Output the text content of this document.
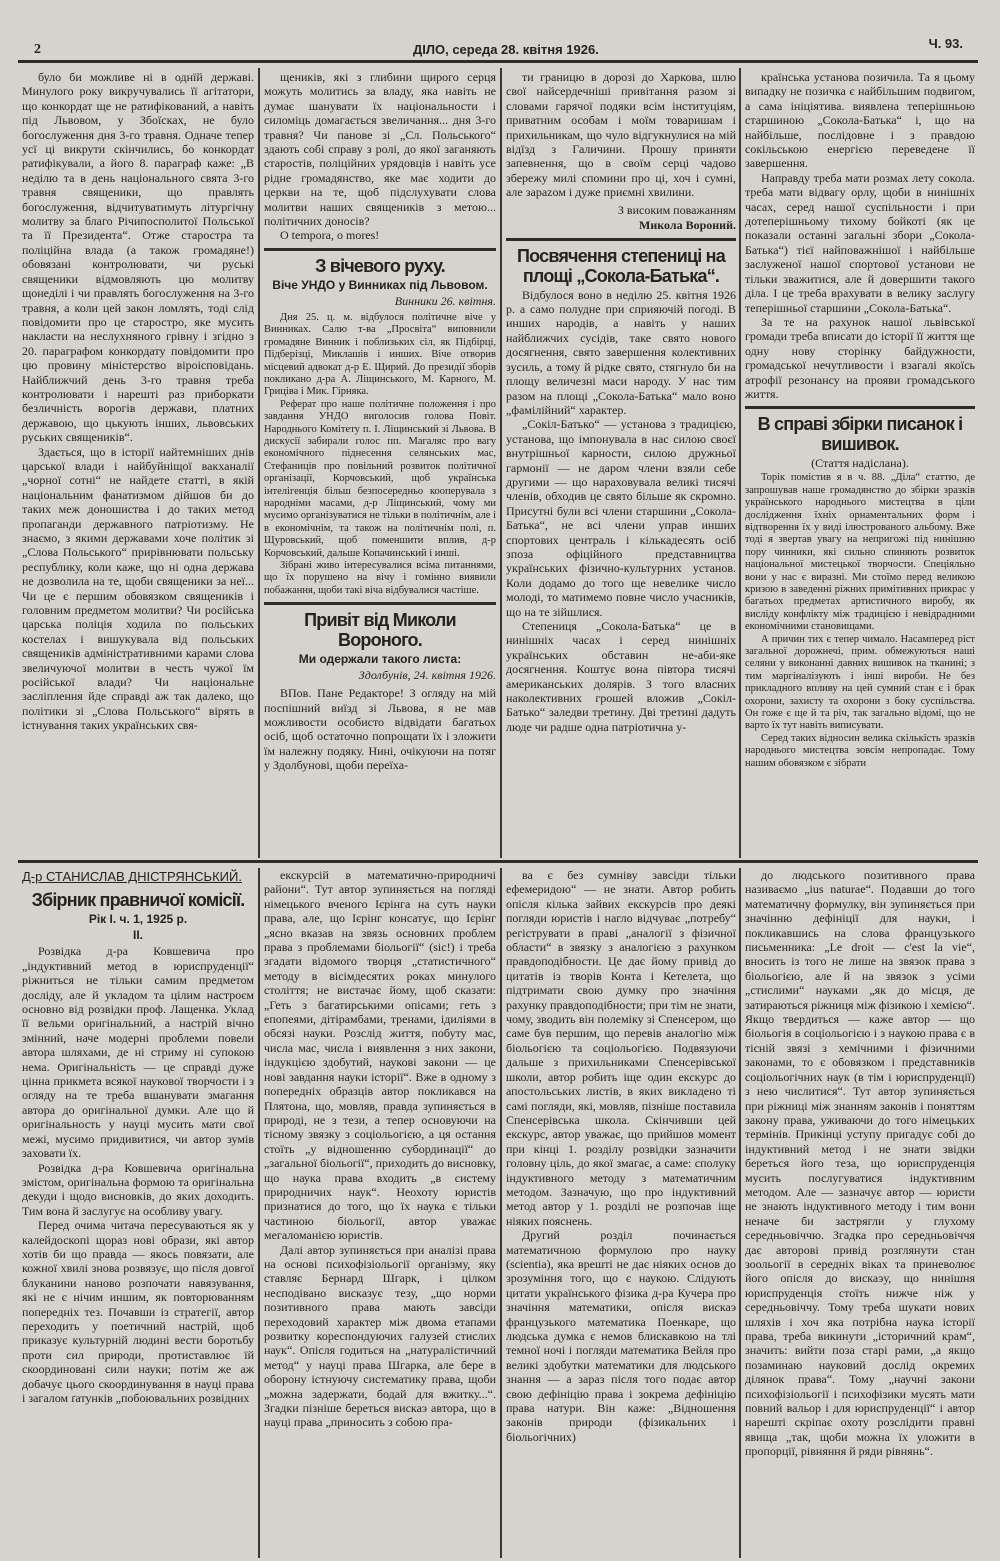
2	ДІЛО, середа 28. квітня 1926.	Ч. 93.

було би можливе ні в однїй державі. Минулого року викручувались її агітатори, що конкордат ще не ратифікований, а навіть під Львовом, у Збоїсках, не було богослуження дня 3-го травня. Одначе тепер усї ці викрути скінчились, бо конкордат ратифікували, а його 8. параграф каже: „В неділю та в день національного свята 3-го травня священики, що правлять богослуження, відчитуватимуть літургічну молитву за благо Річипосполитої Польської та її Президента“. Отже старостра та поліційна влада (а також громадяне!) обовязані контролювати, чи руські священики відмовляють цю молитву щонеділі і чи правлять богослуження на 3-го травня, а коли цей закон ломлять, тоді слід повідомити про це старостро, яке мусить накласти на неслухняного грівну і згідно з 20. параграфом конкордату повідомити про цю провину міністерство віроісповідань. Найближчий день 3-го травня треба контролювати і нарешті раз приборкати безличність ворогів держави, платних державою, що цькують інших, львовських руських священиків“.

Здається, що в історії найтемніших днів царської влади і найбуйніщої вакханалії „чорної сотні“ не найдете статті, в якій національним фанатизмом дійшов би до таких меж доношиства і до таких метод пропаганди державного патріотизму. Не знаємо, з якими державами хоче політик зі „Слова Польського“ прирівнювати польську республику, коли каже, що ні одна держава не дозволила на те, щоби священики за неї... Чи це є першим обовязком священиків і головним предметом молитви? Чи російська царська поліція ходила по польських костелах і вишукувала від польських священиків адміністративними карами слова звеличуючої молитви в честь чужої їм російської влади? Чи національне засліплення йде справді аж так далеко, що політики зі „Слова Польського“ вірять в істнування таких українських свя-

щеників, які з глибини щирого серця можуть молитись за владу, яка навіть не думає шанувати їх національности і силоміць домагається звеличання... дня 3-го травня? Чи панове зі „Сл. Польського“ здають собі справу з ролі, до якої заганяють старостів, поліційних урядовців і навіть усе рідне громадянство, яке має ходити до церкви на те, щоб підслухувати слова молитви наших священиків з метою... політичних доносів?

О tempora, o mores!

З вічевого руху.
Віче УНДО у Винниках під Львовом.
Винники 26. квітня.

Дня 25. ц. м. відбулося політичне віче у Винниках. Салю т-ва „Просвіта“ виповнили громадяне Винник і поблизьких сіл, як Підбірці, Підберізці, Миклашів і инших. Віче отворив місцевий адвокат д-р Е. Щирий. До президії зборів покликано д-ра А. Ліщинського, М. Карного, М. Гриціва і Мик. Гірняка.

Реферат про наше політичне положення і про завдання УНДО виголосив голова Повіт. Народнього Комітету п. І. Ліщинський зі Львова. В дискусії забирали голос пп. Магаляс про вагу економічного піднесення селянських мас, Стефаниців про повільний розвиток політичної організації, Корчовський, щоб українська інтелігенція більш безпосередньо кооперувала з народніми масами, д-р Ліщинський, чому ми мусимо організуватися не тільки в політичнім, але і в економічнім, та також на політичнім полі, п. Щуровський, щоб поменшити вплив, д-р Корчовський, дальше Копачинський і инші.

Зібрані живо інтересувалися всіма питаннями, що їх порушено на вічу і гомінно виявили побажання, щоби такі віча відбувалися частіше.

Привіт від Миколи Вороного.
Ми одержали такого листа:
Здолбунів, 24. квітня 1926.

ВПов. Пане Редакторе! З огляду на мій поспішний виїзд зі Львова, я не мав можливости особисто відвідати багатьох осіб, щоб остаточно попрощати їх і зложити їм належну подяку. Нині, очікуючи на потяг у Здолбунові, щоби переїха-

ти границю в дорозі до Харкова, шлю свої найсердечніші привітання разом зі словами гарячої подяки всім інституціям, приватним особам і моїм товаришам і прихильникам, що чуло відгукнулися на мій відїзд з Галичини. Прошу приняти запевнення, що в своїм серці чадово збережу милі спомини про ці, хоч і сумні, але зарazом і дуже приємні хвилини.

З високим поважанням
Микола Вороний.
Посвячення степениці на площі „Сокола-Батька“.

Відбулося воно в неділю 25. квітня 1926 р. а само полудне при сприяючій погоді. В инших народів, а навіть у наших найближчих сусідів, таке свято нового досягнення, свято завершення колективних зусиль, а тому й рідке свято, стягнуло би на площу величезні маси народу. У нас тим разом на площі „Сокола-Батька“ мало воно „фамілійний“ характер.

„Сокіл-Батько“ — установа з традицією, установа, що імпонувала в нас силою своєї внутрішньої карности, силою дружньої гармонії — не даром члени взяли себе другими — що нараховувала великі тисячі членів, обходив це свято більше як скромно. Присутні були всі члени старшини „Сокола-Батька“, не всі члени управ инших спортових централь і кількадесять осіб зпоза офіційного представництва українських фізично-культурних установ. Коли додамо до того ще невелике число молоді, то матимемо повне число учасників, що на те зійшлися.

Степениця „Сокола-Батька“ це в нинішніх часах і серед нинішніх українських обставин не-аби-яке досягнення. Коштує вона півтора тисячі американських долярів. З того власних наколективних грошей вложив „Сокіл-Батько“ заледви третину. Дві третині дадуть люде чи радше одна патріотична у-

країнська установа позичила. Та я цьому випадку не позичка є найбільшим подвигом, а сама ініціятива. виявлена теперішньою старшиною „Сокола-Батька“ і, що на найбільше, послідовне і з правдою сокільською енергією переведене її завершення.

Направду треба мати розмах лету сокола. треба мати відвагу орлу, щоби в нинішніх часах, серед нашої суспільности і при дотеперішньому тихому бойкоті (як це показали останні загальні збори „Сокола-Батька“) тієї найповажнішої і найбільше заслуженої нашої спортової установи не тільки зважитися, але й довершити такого діла. І це треба врахувати в велику заслугу теперішньої старшини „Сокола-Батька“.

За те на рахунок нашої львівської громади треба вписати до історії її життя ще одну нову сторінку байдужности, громадської нечутливости і взагалі якоїсь атрофії резонансу на прояви громадського життя.

В справі збірки писанок і вишивок.
(Стаття надіслана).

Торік помістив я в ч. 88. „Діла“ статтю, де запрошував наше громадянство до збірки зразків українського народнього мистецтва в ціли дослідження їхніх орнаментальних форм і відтворення їх у виді ілюстрованого альбому. Вже тоді я звертав увагу на непригожі під нинішню пору чинники, які сильно спиняють розвиток національної мистецької творчости. Спеціяльно вони у нас є виразні. Ми стоїмо перед великою кризою в заведенні ріжних примітивних прикрас у багатьох предметах артистичного виробу, як висліду конфлікту між традицією і невідрадними економічними становищами.

А причин тих є тепер чимало. Насамперед ріст загальної дорожнечі, прим. обмежуються наші селяни у виконанні давних вишивок на тканині; з тим маргіналізують і інші вироби. Не без прикладного впливу на цей сумний стан є і брак охорони, захисту та охорони з боку суспільства. Он гоже є ще й та річ, так загально відомі, що не варто їх тут навіть виписувати.

Серед таких відносин велика скількість зразків народнього мистецтва зовсім непропадає. Тому нашим обовязком є зібрати

Д-р СТАНИСЛАВ ДНІСТРЯНСЬКИЙ.
Збірник правничої комісії.
Рік І. ч. 1, 1925 р.
II.

Розвідка д-ра Ковшевича про „індуктивний метод в юриспруденції“ ріжниться не тільки самим предметом досліду, але й укладом та цілим настроєм основно від розвідки проф. Лащенка. Уклад її вельми оригінальний, а настрій вічно змінний, наче модерні проблеми повели автора шляхами, де ні стриму ні супокою нема. Оригінальність — це справді дуже цінна прикмета всякої наукової творчости і з огляду на те треба вшанувати змагання автора до оригінальної думки. Але що й оригінальность у науці мусить мати свої межі, мусимо придивитися, чи автор зумів заховати їх.

Розвідка д-ра Ковшевича оригінальна змістом, оригінальна формою та оригінальна декуди і щодо висновків, до яких доходить. Тим вона й заслугує на особливу увагу.

Перед очима читача пересуваються як у калейдоскопі щораз нові образи, які автор хотів би що правда — якось повязати, але кожної хвилі знова розвязує, що після довгої блуканини наново розпочати навязування, які не є нічим иншим, як повторюванням попередніх тез. Почавши із стратегії, автор переходить у поетичний настрій, щоб приказує культурній людині вести боротьбу проти сил природи, протиставлює їй скоординовані сили науки; потім же аж добачує цього скоординування в науці права і загалом ґатунків „побоювальних розвідних

екскурсій в математично-природничі райони“. Тут автор зупиняється на погляді німецького вченого Ієрінга на суть науки права, але, що Ієрінг консатує, що Ієрінг „ясно вказав на звязь основних проблем права з проблемами біольогії“ (sic!) і треба згадати відомого творця „статистичного“ методу в вісімдесятих роках минулого століття; не вистачає йому, щоб сказати: „Геть з багатирськими опісами; геть з епопеями, дітірамбами, тренами, ідиліями в обсязі науки. Розслід життя, побуту мас, числа мас, числа і виявлення з них закони, індукцією здобутий, наукові закони — це нові завдання науки історії“. Вже в одному з попередніх образців автор покликався на Плятона, що, мовляв, правда зупиняється в природі, не з тези, а тепер основуючи на тісному звязку з соціольогією, а ця остання стоїть „у відношенню субординації“ до „загальної біольогії“, приходить до висновку, що наука права входить „в систему природничих наук“. Неохоту юристів признатися до того, що їх наука є тільки частиною біольогії, автор уважає мегаломанією юристів.

Далі автор зупиняється при аналізі права на основі психофізіольогії організму, яку ставляє Бернард Шгарк, і цілком несподівано висказує тезу, „що норми позитивного права мають завсіди переходовий характер між двома етапами розвитку кореспондуючих галузей стислих наук“. Опісля годиться на „натуралістичний метод“ у науці права Шгарка, але бере в оборону істнуючу систематику права, щоби „можна задержати, бодай для вжитку...“. Згадки пізніше береться вискаэ автора, що в науці права „приносить з собою пра-

ва є без сумніву завсіди тільки ефемеридою“ — не знати. Автор робить опісля кілька зайвих екскурсів про деякі погляди юристів і нагло відчуває „потребу“ регіструвати в праві „аналогії з фізичної области“ в звязку з аналогією з рахунком правдоподібности. Це дає йому привід до цитатів із творів Конта і Кетелета, що підтримати свою думку про значіння рахунку правдоподібности; при тім не знати, чому, зводить він полеміку зі Спенсером, що саме був першим, що перевів аналогію між біольогією та соціольогією. Подвязуючи дальше з прихильниками Спенсерівської школи, автор робить іще один екскурс до апостольських листів, в яких викладено ті самі погляди, які, мовляв, пізніше поставила Спенсерівська школа. Скінчивши цей екскурс, автор уважає, що прийшов момент при кінці 1. розділу розвідки зазначити головну ціль, до якої змагає, а саме: сполуку індуктивного методу з математичним методом. Зазначую, що про індуктивний метод автор у 1. розділі не розпочав іще ніяких пояснень.

Другий розділ починається математичною формулою про науку (scientia), яка врешті не дає ніяких основ до зрозуміння того, що є наукою. Слідують цитати українського фізика д-ра Кучера про значіння математики, опісля вискаэ французького математика Поенкаре, що людська думка є немов блискавкою на тлі темної ночі і погляди математика Вейля про великі здобутки математики для людського знання — а зараз після того подає автор свою дефініцію права і зокрема дефініцію права натури. Він каже: „Відношення законів природи (фізикальних і біольогічних)

до людського позитивного права називаємо „ius naturae“. Подавши до того математичну формулку, він зупиняється при значінню дефініції для науки, і покликавшись на слова французького письменника: „Le droit — c'est la vie“, вносить із того не лише на звязок права з біольогією, але й на звязок з усіми „стислими“ науками „як до місця, де затираються ріжниця між фізикою і хемією“. Якщо твердиться — каже автор — що біольогія в соціольогією і з наукою права є в тісній звязі з хемічними і фізичними законами, то є обовязком і представників соціольогічних наук (в тім і юриспруденції) з нею числитися“. Тут автор зупиняється при ріжниці між знанням законів і поняттям закону права, уживаючи до того німецьких термінів. Прикінці уступу пригадує собі до індуктивний метод і не знати звідки береться його теза, що юриспруденція мусить послугуватися індуктивним методом. Але — зазначує автор — юристи не знають індуктивного методу і тим вони неначе би застрягли у глухому середньовіччю. Згадка про середньовіччя дає авторові привід розглянути стан зоольогії в середніх віках та приневолює його опісля до вискаэу, що нинішня юриспруденція стоїть нижче ніж у середньовіччу. Тому треба шукати нових шляхів і хоч яка потрібна наука історії права, треба викинути „історичний крам“, значить: вийти поза старі рами, „а якщо позаминаю науковий дослід окремих ділянок права“. Тому „научні закони психофізіольогії і психофізики мусять мати повний вальор і для юриспруденції“ і автор нарешті скріпає охоту розслідити правні явища „так, щоби можна їх уложити в пропорції, рівняння й ряди рівнянь“.
